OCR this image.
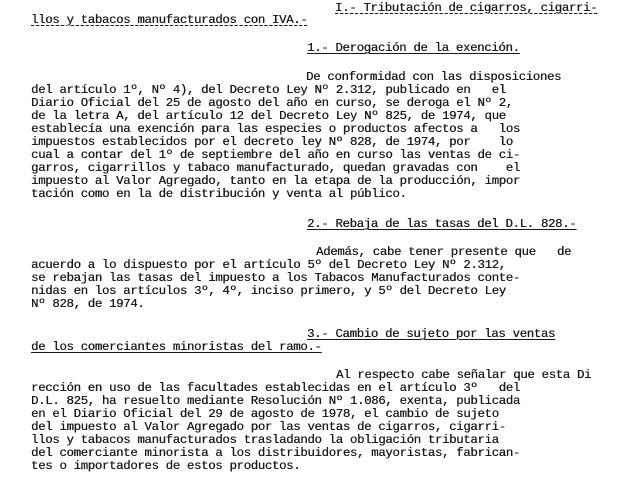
I.- Tributación de cigarros, cigarri-
llos y tabacos manufacturados con IVA.-
1.- Derogación de la exención.
De conformidad con las disposiciones
del artículo 1º, Nº 4), del Decreto Ley Nº 2.312, publicado en   el
Diario Oficial del 25 de agosto del año en curso, se deroga el Nº 2,
de la letra A, del artículo 12 del Decreto Ley Nº 825, de 1974, que
establecía una exención para las especies o productos afectos a   los
impuestos establecidos por el decreto ley Nº 828, de 1974, por    lo
cual a contar del 1º de septiembre del año en curso las ventas de ci-
garros, cigarrillos y tabaco manufacturado, quedan gravadas con    el
impuesto al Valor Agregado, tanto en la etapa de la producción, impor
tación como en la de distribución y venta al público.
2.- Rebaja de las tasas del D.L. 828.-
Además, cabe tener presente que   de
acuerdo a lo dispuesto por el artículo 5º del Decreto Ley Nº 2.312,
se rebajan las tasas del impuesto a los Tabacos Manufacturados conte-
nidas en los artículos 3º, 4º, inciso primero, y 5º del Decreto Ley
Nº 828, de 1974.
3.- Cambio de sujeto por las ventas
de los comerciantes minoristas del ramo.-
Al respecto cabe señalar que esta Di
rección en uso de las facultades establecidas en el artículo 3º   del
D.L. 825, ha resuelto mediante Resolución Nº 1.086, exenta, publicada
en el Diario Oficial del 29 de agosto de 1978, el cambio de sujeto
del impuesto al Valor Agregado por las ventas de cigarros, cigarri-
llos y tabacos manufacturados trasladando la obligación tributaria
del comerciante minorista a los distribuidores, mayoristas, fabrican-
tes o importadores de estos productos.
